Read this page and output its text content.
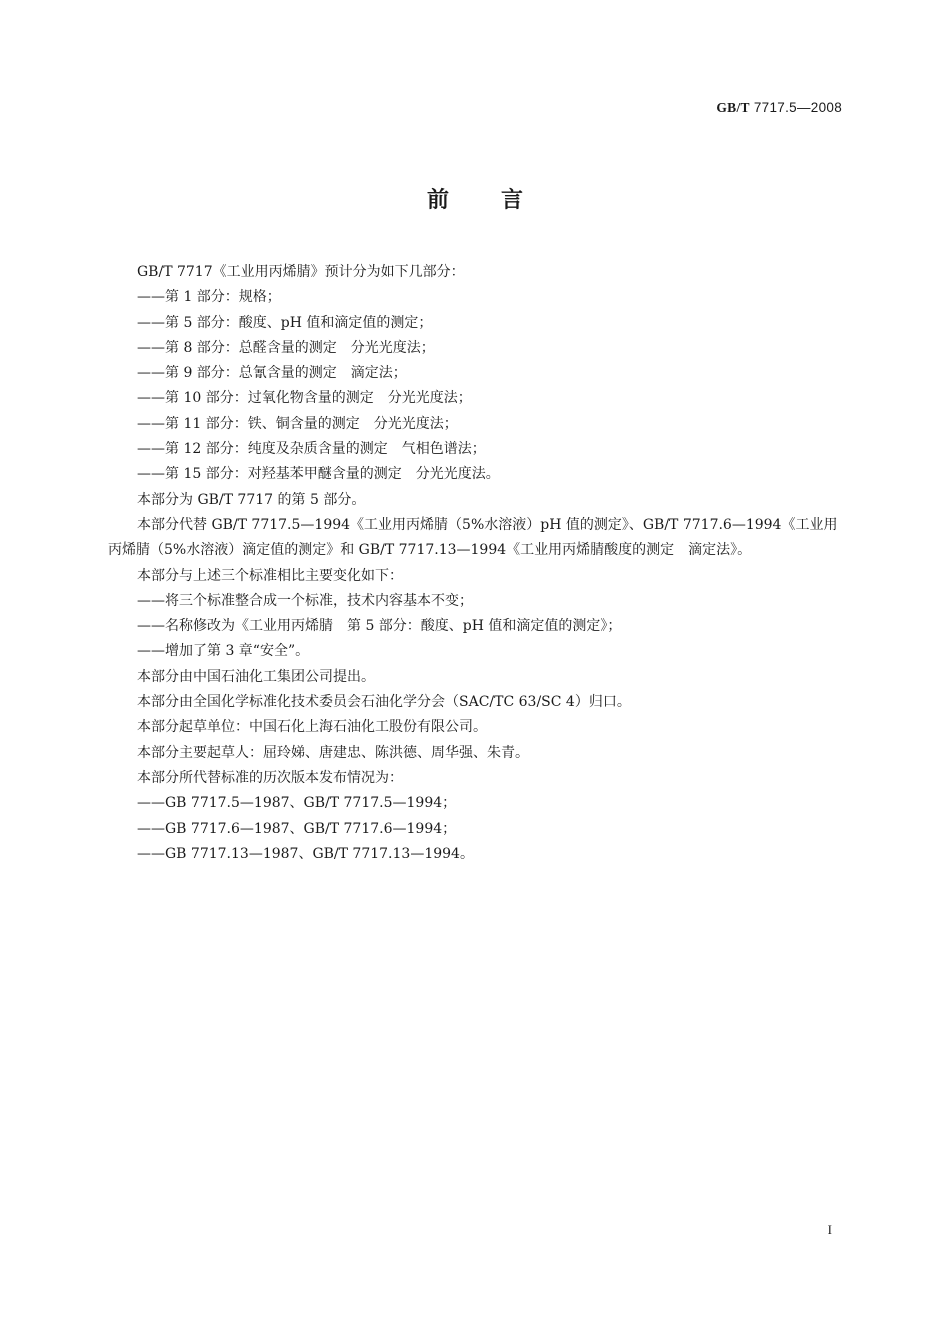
GB/T 7717.5—2008
前言

GB/T 7717《工业用丙烯腈》预计分为如下几部分：

——第 1 部分：规格；

——第 5 部分：酸度、pH 值和滴定值的测定；

——第 8 部分：总醛含量的测定　分光光度法；

——第 9 部分：总氰含量的测定　滴定法；

——第 10 部分：过氧化物含量的测定　分光光度法；

——第 11 部分：铁、铜含量的测定　分光光度法；

——第 12 部分：纯度及杂质含量的测定　气相色谱法；

——第 15 部分：对羟基苯甲醚含量的测定　分光光度法。

本部分为 GB/T 7717 的第 5 部分。

本部分代替 GB/T 7717.5—1994《工业用丙烯腈（5%水溶液）pH 值的测定》、GB/T 7717.6—1994《工业用丙烯腈（5%水溶液）滴定值的测定》和 GB/T 7717.13—1994《工业用丙烯腈酸度的测定　滴定法》。

本部分与上述三个标准相比主要变化如下：

——将三个标准整合成一个标准，技术内容基本不变；

——名称修改为《工业用丙烯腈　第 5 部分：酸度、pH 值和滴定值的测定》；

——增加了第 3 章“安全”。

本部分由中国石油化工集团公司提出。

本部分由全国化学标准化技术委员会石油化学分会（SAC/TC 63/SC 4）归口。

本部分起草单位：中国石化上海石油化工股份有限公司。

本部分主要起草人：屈玲娣、唐建忠、陈洪德、周华强、朱青。

本部分所代替标准的历次版本发布情况为：

——GB 7717.5—1987、GB/T 7717.5—1994；

——GB 7717.6—1987、GB/T 7717.6—1994；

——GB 7717.13—1987、GB/T 7717.13—1994。

I
